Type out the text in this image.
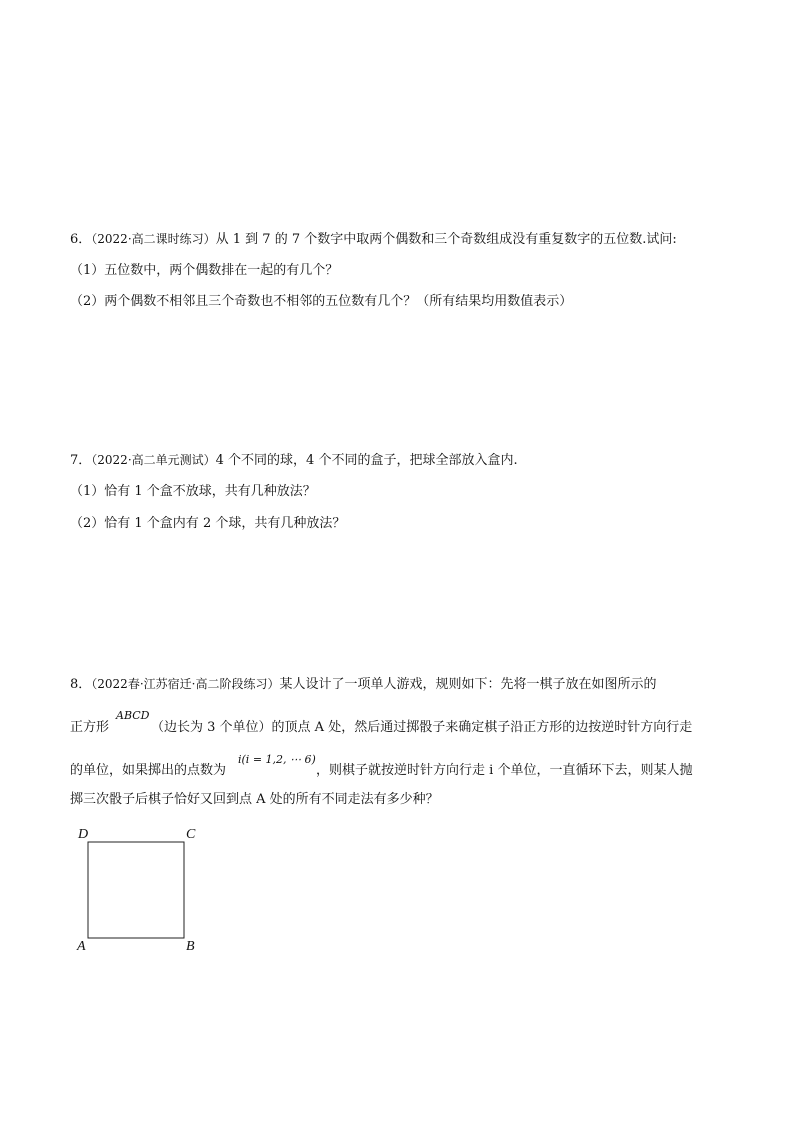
6．（2022·高二课时练习）从 1 到 7 的 7 个数字中取两个偶数和三个奇数组成没有重复数字的五位数.试问:
（1）五位数中，两个偶数排在一起的有几个？
（2）两个偶数不相邻且三个奇数也不相邻的五位数有几个？（所有结果均用数值表示）
7．（2022·高二单元测试）4 个不同的球，4 个不同的盒子，把球全部放入盒内.
（1）恰有 1 个盒不放球，共有几种放法？
（2）恰有 1 个盒内有 2 个球，共有几种放法？
8．（2022春·江苏宿迁·高二阶段练习）某人设计了一项单人游戏，规则如下：先将一棋子放在如图所示的
正方形	（边长为 3 个单位）的顶点 A 处，然后通过掷骰子来确定棋子沿正方形的边按逆时针方向行走
ABCD
的单位，如果掷出的点数为	，则棋子就按逆时针方向行走 i 个单位，一直循环下去，则某人抛
i(i = 1,2, ⋯ 6)
掷三次骰子后棋子恰好又回到点 A 处的所有不同走法有多少种？
D	C
A	B
